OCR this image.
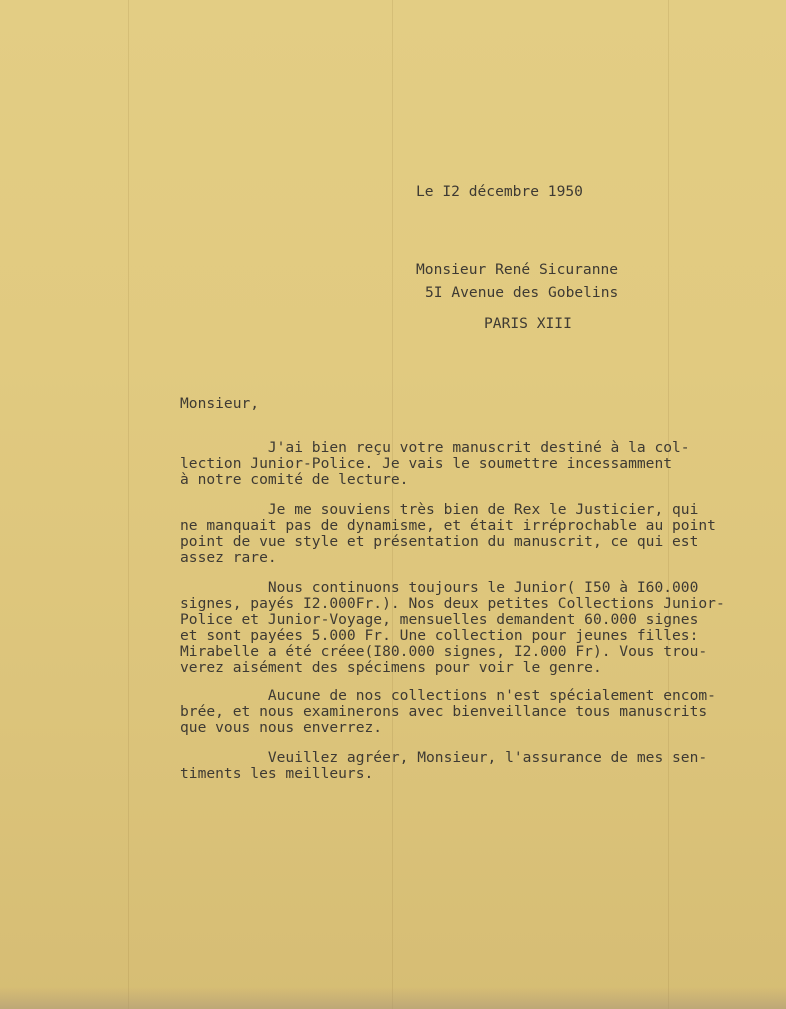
Le I2 décembre 1950

Monsieur René Sicuranne

5I Avenue des Gobelins

PARIS XIII

Monsieur,

J'ai bien reçu votre manuscrit destiné à la col-
lection Junior-Police. Je vais le soumettre incessamment
à notre comité de lecture.

Je me souviens très bien de Rex le Justicier, qui
ne manquait pas de dynamisme, et était irréprochable au point
point de vue style et présentation du manuscrit, ce qui est
assez rare.

Nous continuons toujours le Junior( I50 à I60.000
signes, payés I2.000Fr.). Nos deux petites Collections Junior-
Police et Junior-Voyage, mensuelles demandent 60.000 signes
et sont payées 5.000 Fr. Une collection pour jeunes filles:
Mirabelle a été créee(I80.000 signes, I2.000 Fr). Vous trou-
verez aisément des spécimens pour voir le genre.

Aucune de nos collections n'est spécialement encom-
brée, et nous examinerons avec bienveillance tous manuscrits
que vous nous enverrez.

Veuillez agréer, Monsieur, l'assurance de mes sen-
timents les meilleurs.
